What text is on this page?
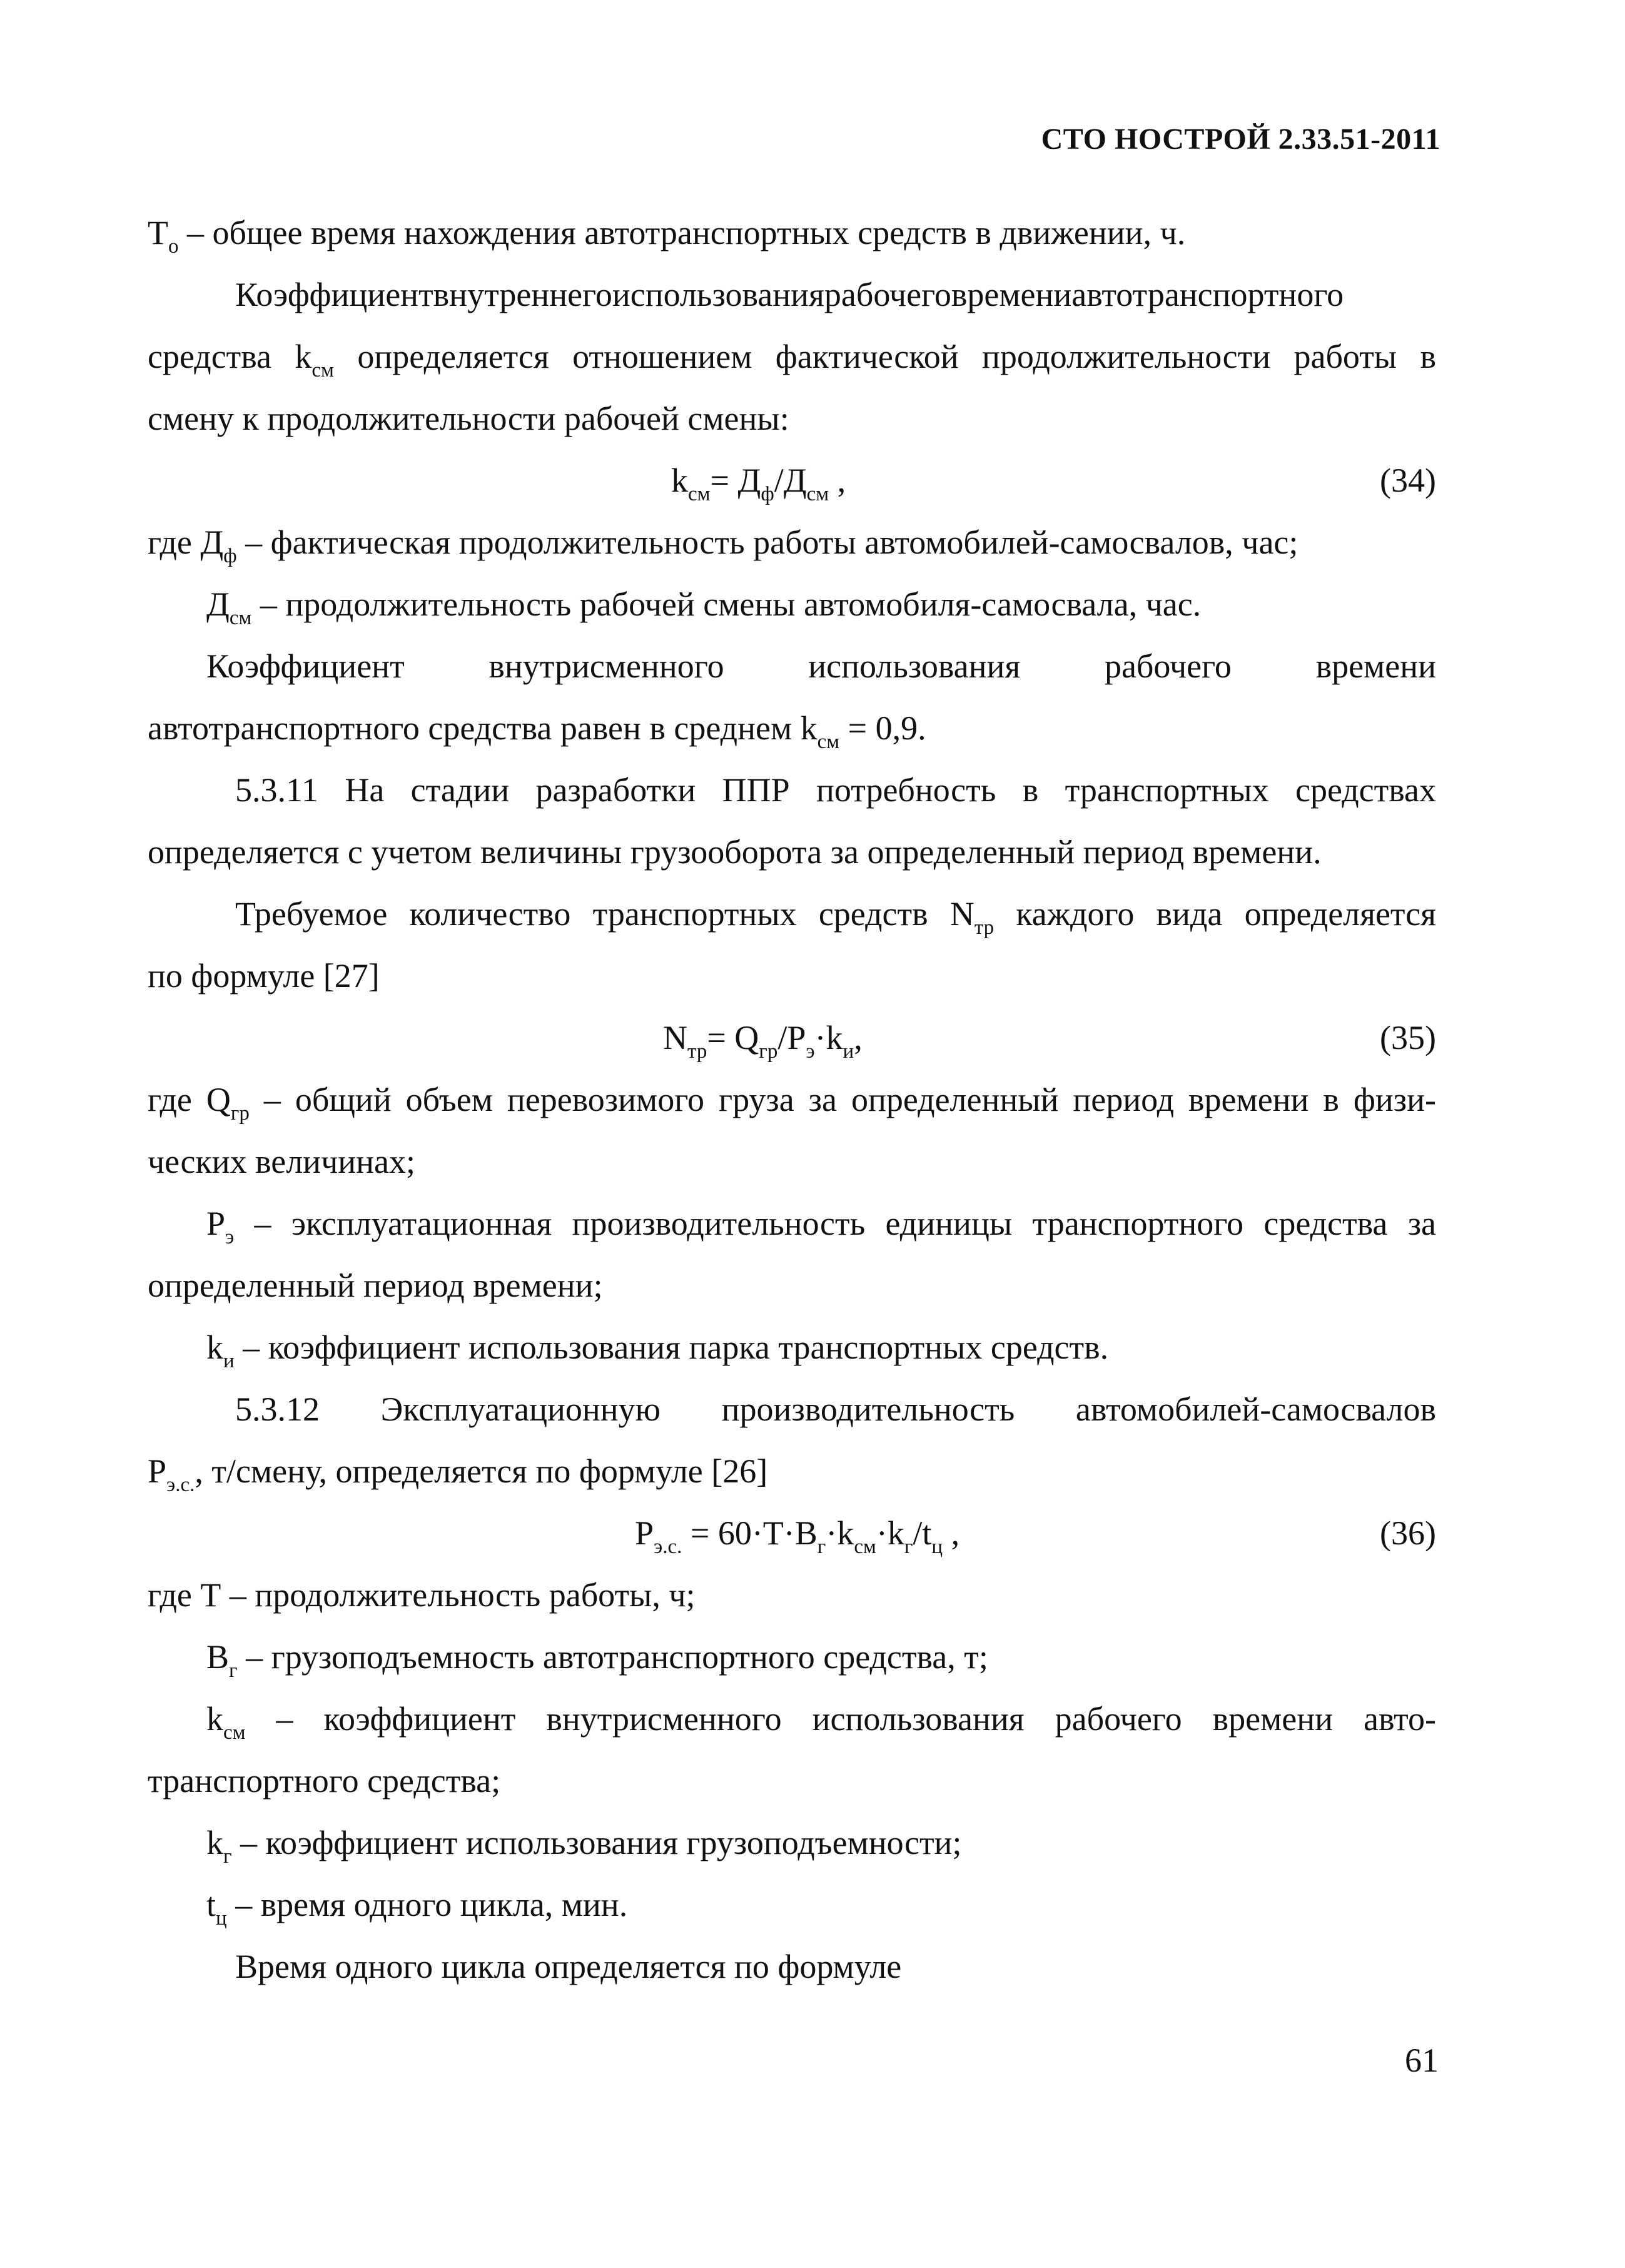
СТО НОСТРОЙ 2.33.51-2011
$Т_о$ – общее время нахождения автотранспортных средств в движении, ч.
Коэффициентвнутреннегоиспользованиярабочеговремениавтотранспортного
средства $k_{см}$ определяется отношением фактической продолжительности работы в
смену к продолжительности рабочей смены:
$k_{см}= Д_ф/Д_{см}$ ,	(34)
где $Д_ф$ – фактическая продолжительность работы автомобилей-самосвалов, час;
$Д_{см}$ – продолжительность рабочей смены автомобиля-самосвала, час.
Коэффициент внутрисменного использования рабочего времени
автотранспортного средства равен в среднем $k_{см} = 0,9$.
5.3.11 На стадии разработки ППР потребность в транспортных средствах
определяется с учетом величины грузооборота за определенный период времени.
Требуемое количество транспортных средств $N_{тр}$ каждого вида определяется
по формуле [27]
$N_{тр}= Q_{гр}/Р_э\cdot k_и$,	(35)
где $Q_{гр}$ – общий объем перевозимого груза за определенный период времени в физи-
ческих величинах;
$Р_э$ – эксплуатационная производительность единицы транспортного средства за
определенный период времени;
$k_и$ – коэффициент использования парка транспортных средств.
5.3.12 Эксплуатационную производительность автомобилей-самосвалов
$Р_{э.с.}$, т/смену, определяется по формуле [26]
$Р_{э.с.} = 60\cdot Т\cdot В_г\cdot k_{см}\cdot k_г/t_ц$ ,	(36)
где Т – продолжительность работы, ч;
$В_г$ – грузоподъемность автотранспортного средства, т;
$k_{см}$ – коэффициент внутрисменного использования рабочего времени авто-
транспортного средства;
$k_г$ – коэффициент использования грузоподъемности;
$t_ц$ – время одного цикла, мин.
Время одного цикла определяется по формуле
61
